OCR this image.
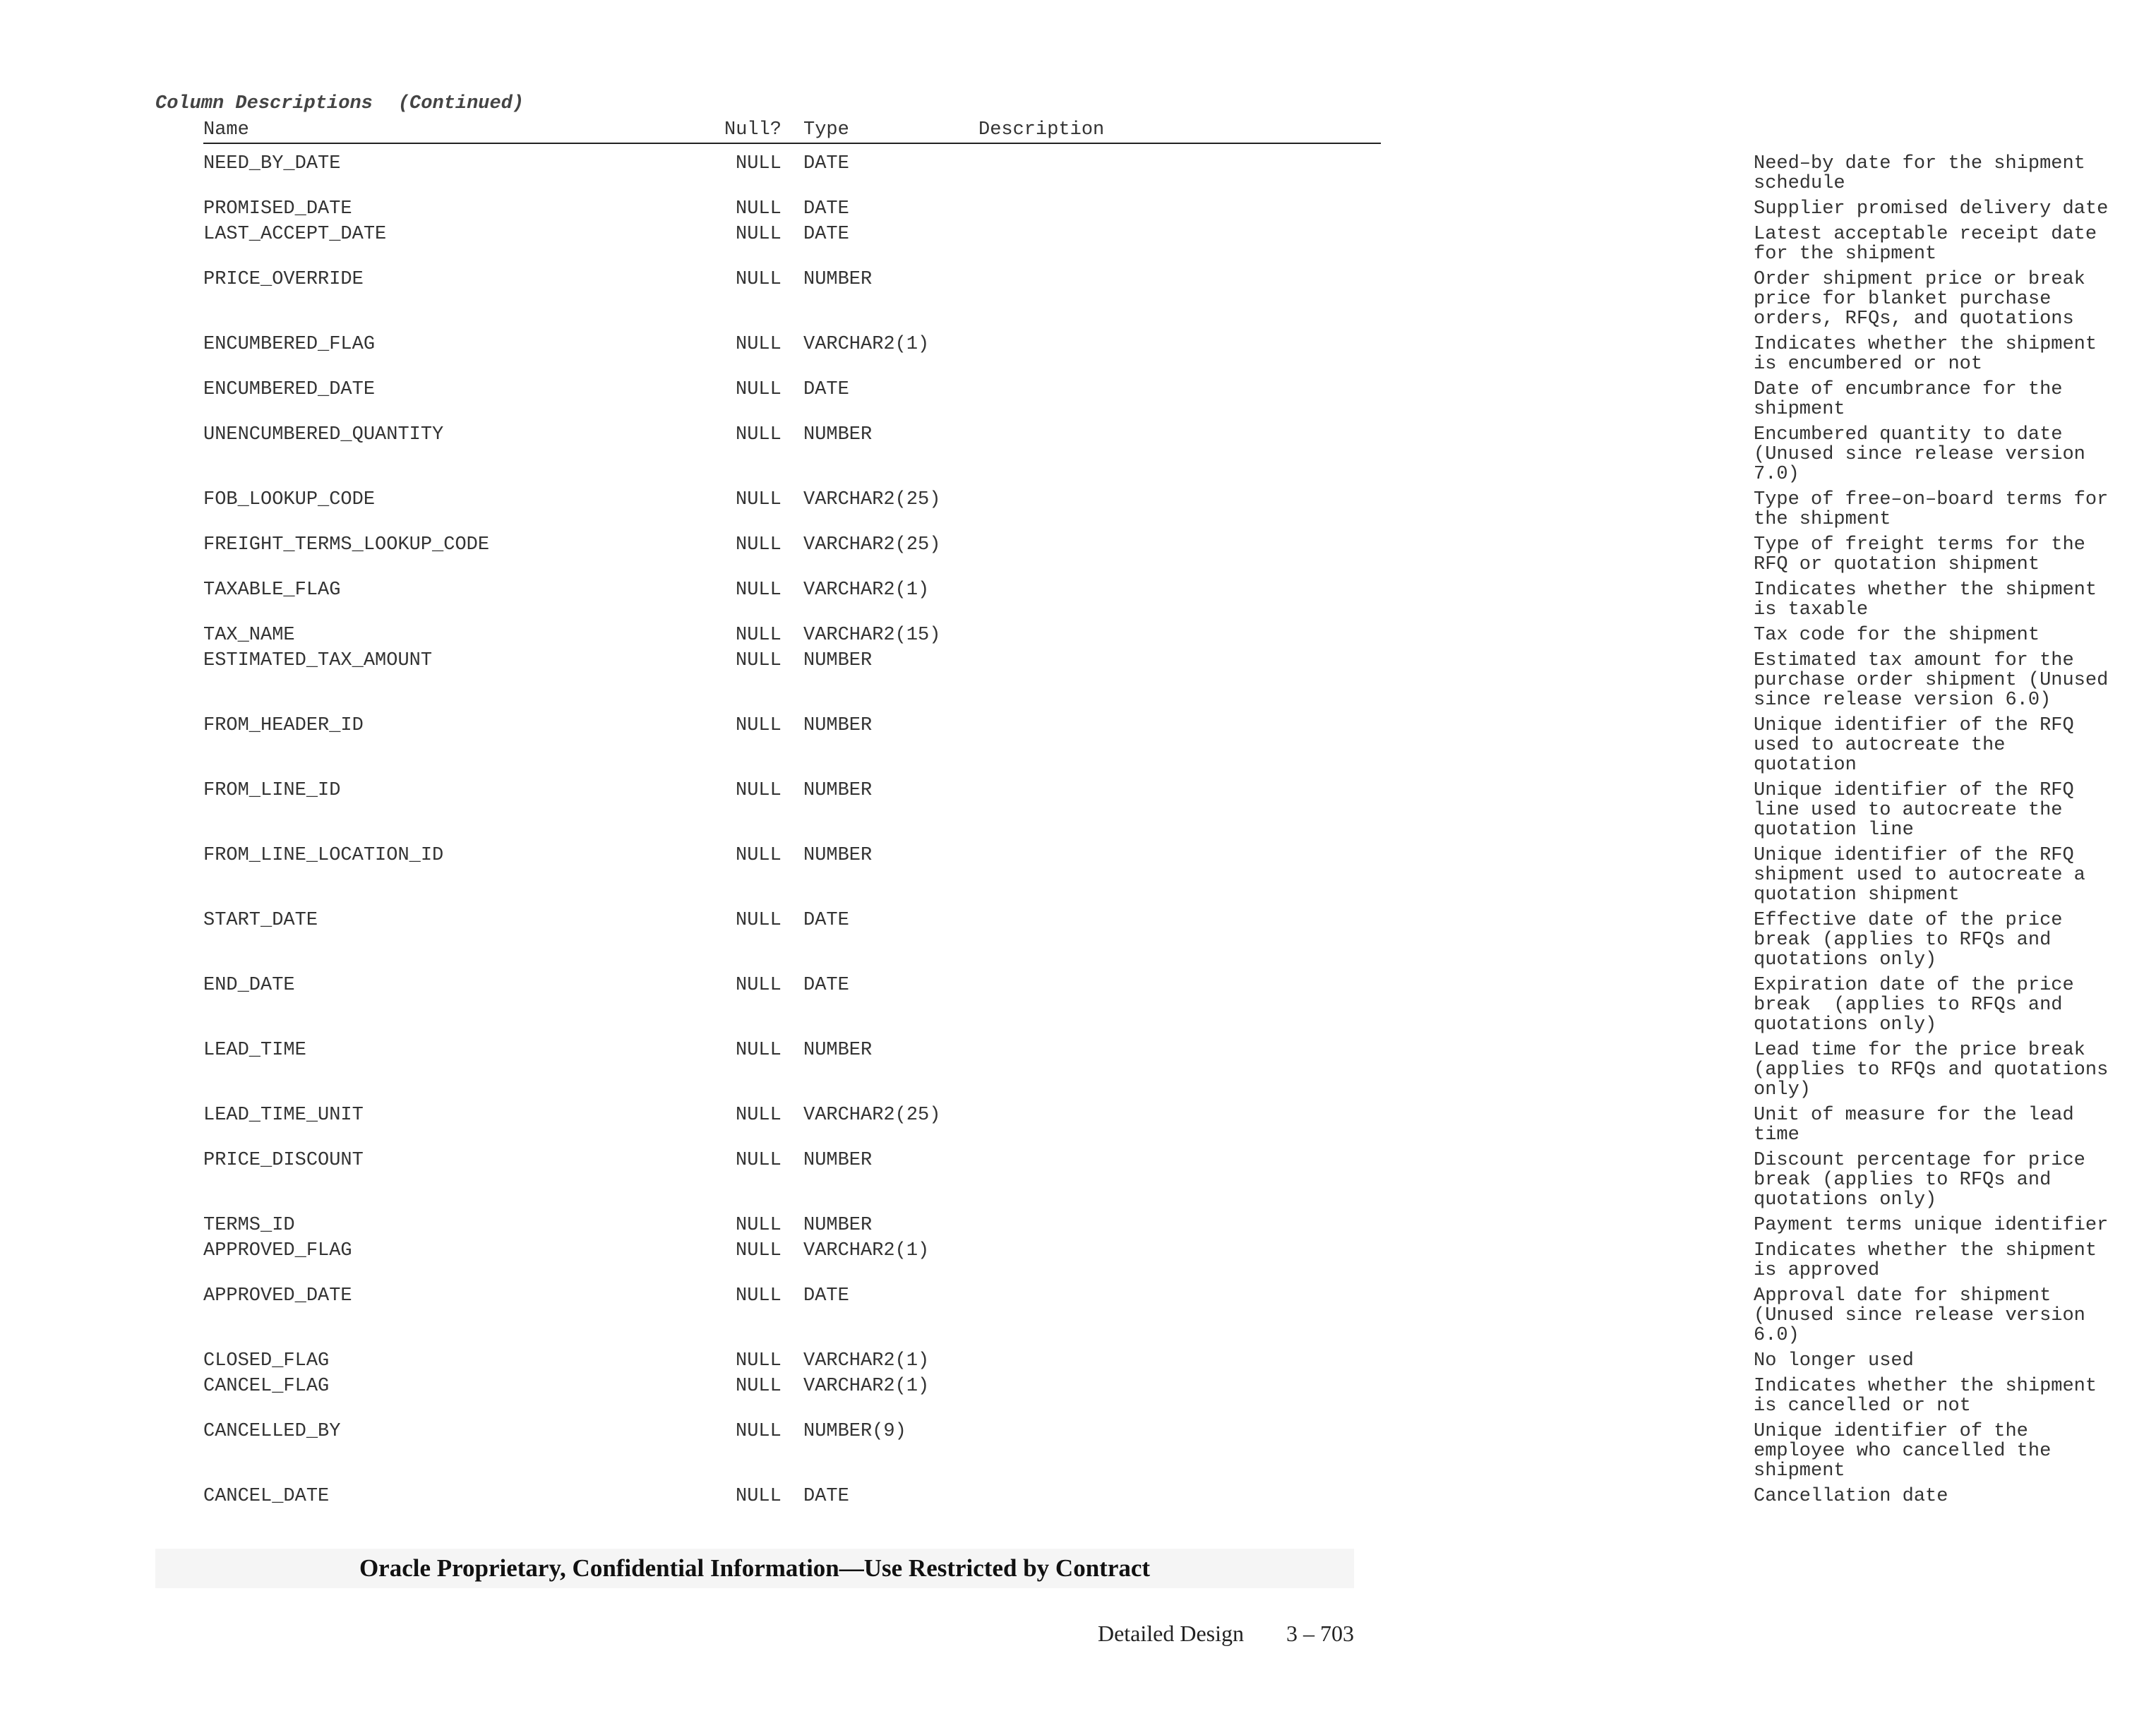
Column Descriptions (Continued)
Name	Null? Type	Description
NEED_BY_DATE	NULL DATE	Need–by date for the shipment
schedule
PROMISED_DATE	NULL DATE	Supplier promised delivery date
LAST_ACCEPT_DATE	NULL DATE	Latest acceptable receipt date
for the shipment
PRICE_OVERRIDE	NULL NUMBER	Order shipment price or break
price for blanket purchase
orders, RFQs, and quotations
ENCUMBERED_FLAG	NULL VARCHAR2(1)	Indicates whether the shipment
is encumbered or not
ENCUMBERED_DATE	NULL DATE	Date of encumbrance for the
shipment
UNENCUMBERED_QUANTITY	NULL NUMBER	Encumbered quantity to date
(Unused since release version
7.0)
FOB_LOOKUP_CODE	NULL VARCHAR2(25)	Type of free–on–board terms for
the shipment
FREIGHT_TERMS_LOOKUP_CODE	NULL VARCHAR2(25)	Type of freight terms for the
RFQ or quotation shipment
TAXABLE_FLAG	NULL VARCHAR2(1)	Indicates whether the shipment
is taxable
TAX_NAME	NULL VARCHAR2(15)	Tax code for the shipment
ESTIMATED_TAX_AMOUNT	NULL NUMBER	Estimated tax amount for the
purchase order shipment (Unused
since release version 6.0)
FROM_HEADER_ID	NULL NUMBER	Unique identifier of the RFQ
used to autocreate the
quotation
FROM_LINE_ID	NULL NUMBER	Unique identifier of the RFQ
line used to autocreate the
quotation line
FROM_LINE_LOCATION_ID	NULL NUMBER	Unique identifier of the RFQ
shipment used to autocreate a
quotation shipment
START_DATE	NULL DATE	Effective date of the price
break (applies to RFQs and
quotations only)
END_DATE	NULL DATE	Expiration date of the price
break  (applies to RFQs and
quotations only)
LEAD_TIME	NULL NUMBER	Lead time for the price break
(applies to RFQs and quotations
only)
LEAD_TIME_UNIT	NULL VARCHAR2(25)	Unit of measure for the lead
time
PRICE_DISCOUNT	NULL NUMBER	Discount percentage for price
break (applies to RFQs and
quotations only)
TERMS_ID	NULL NUMBER	Payment terms unique identifier
APPROVED_FLAG	NULL VARCHAR2(1)	Indicates whether the shipment
is approved
APPROVED_DATE	NULL DATE	Approval date for shipment
(Unused since release version
6.0)
CLOSED_FLAG	NULL VARCHAR2(1)	No longer used
CANCEL_FLAG	NULL VARCHAR2(1)	Indicates whether the shipment
is cancelled or not
CANCELLED_BY	NULL NUMBER(9)	Unique identifier of the
employee who cancelled the
shipment
CANCEL_DATE	NULL DATE	Cancellation date
Oracle Proprietary, Confidential Information––Use Restricted by Contract
Detailed Design 3 – 703
